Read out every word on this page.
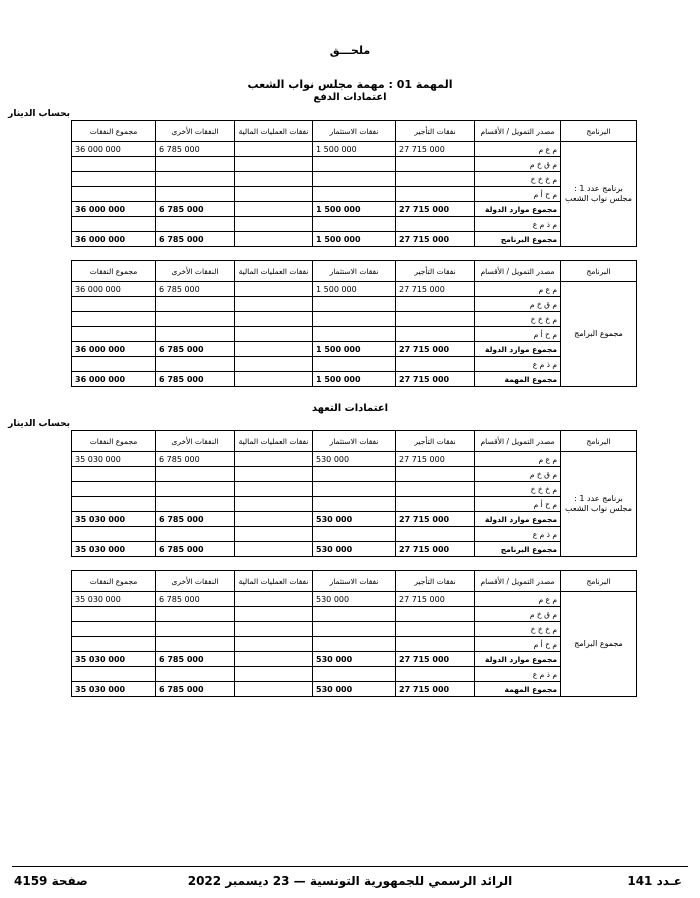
ملحـــق
المهمة 01 : مهمة مجلس نواب الشعب
اعتمادات الدفع
بحساب الدينار
مجموع النفقات	النفقات الأخرى	نفقات العمليات المالية	نفقات الاستثمار	نفقات التأجير	مصدر التمويل / الأقسام	البرنامج
36 000 000	6 785 000		1 500 000	27 715 000	م ع م	برنامج عدد 1 : مجلس نواب الشعب
					م ق خ م	
					م خ خ خ	
					م ح أ م	
36 000 000	6 785 000		1 500 000	27 715 000	مجموع موارد الدولة	
					م ذ م ع	
36 000 000	6 785 000		1 500 000	27 715 000	مجموع البرنامج	
مجموع النفقات	النفقات الأخرى	نفقات العمليات المالية	نفقات الاستثمار	نفقات التأجير	مصدر التمويل / الأقسام	البرنامج
36 000 000	6 785 000		1 500 000	27 715 000	م ع م	مجموع البرامج
					م ق خ م	
					م خ خ خ	
					م ح أ م	
36 000 000	6 785 000		1 500 000	27 715 000	مجموع موارد الدولة	
					م ذ م ع	
36 000 000	6 785 000		1 500 000	27 715 000	مجموع المهمة	
اعتمادات التعهد
بحساب الدينار
مجموع النفقات	النفقات الأخرى	نفقات العمليات المالية	نفقات الاستثمار	نفقات التأجير	مصدر التمويل / الأقسام	البرنامج
35 030 000	6 785 000		530 000	27 715 000	م ع م	برنامج عدد 1 : مجلس نواب الشعب
					م ق خ م	
					م خ خ خ	
					م ح أ م	
35 030 000	6 785 000		530 000	27 715 000	مجموع موارد الدولة	
					م ذ م ع	
35 030 000	6 785 000		530 000	27 715 000	مجموع البرنامج	
مجموع النفقات	النفقات الأخرى	نفقات العمليات المالية	نفقات الاستثمار	نفقات التأجير	مصدر التمويل / الأقسام	البرنامج
35 030 000	6 785 000		530 000	27 715 000	م ع م	مجموع البرامج
					م ق خ م	
					م خ خ خ	
					م ح أ م	
35 030 000	6 785 000		530 000	27 715 000	مجموع موارد الدولة	
					م ذ م ع	
35 030 000	6 785 000		530 000	27 715 000	مجموع المهمة	
عـدد 141
الرائد الرسمي للجمهورية التونسية — 23 ديسمبر 2022
صفحة 4159
